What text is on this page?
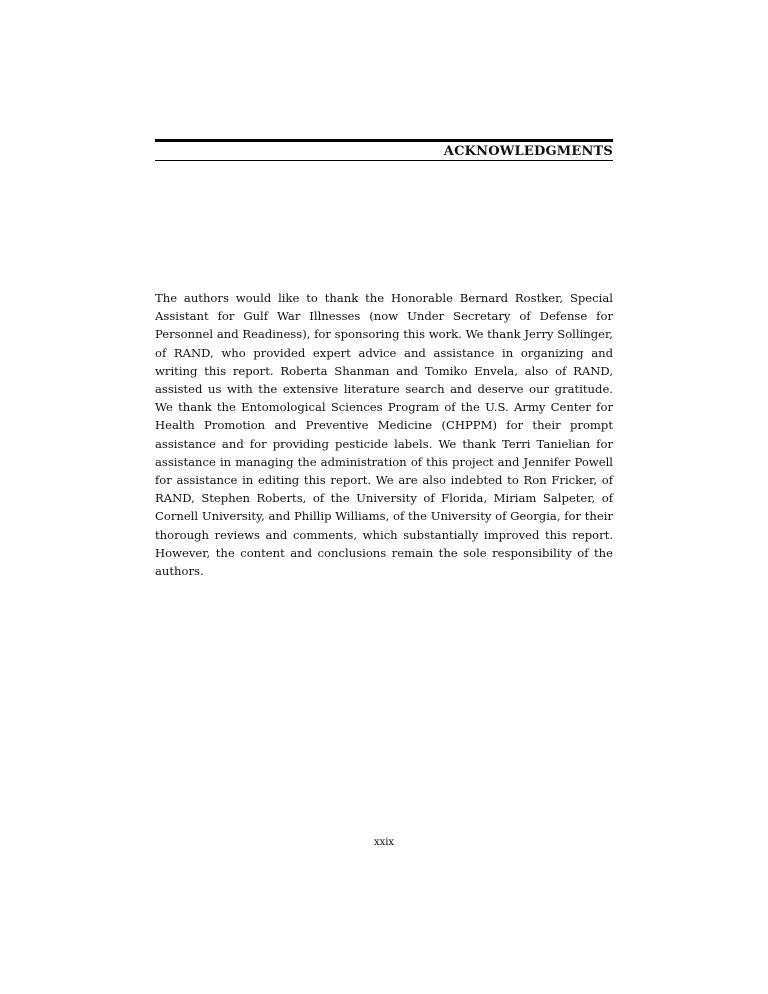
ACKNOWLEDGMENTS

The authors would like to thank the Honorable Bernard Rostker, Special Assistant for Gulf War Illnesses (now Under Secretary of Defense for Personnel and Readiness), for sponsoring this work. We thank Jerry Sollinger, of RAND, who provided expert advice and assistance in organizing and writing this report. Roberta Shanman and Tomiko Envela, also of RAND, assisted us with the extensive literature search and deserve our gratitude. We thank the Entomological Sciences Program of the U.S. Army Center for Health Promotion and Preventive Medicine (CHPPM) for their prompt assistance and for providing pesticide labels. We thank Terri Tanielian for assistance in managing the administration of this project and Jennifer Powell for assistance in editing this report. We are also indebted to Ron Fricker, of RAND, Stephen Roberts, of the University of Florida, Miriam Salpeter, of Cornell University, and Phillip Williams, of the University of Georgia, for their thorough reviews and comments, which substantially improved this report. However, the content and conclusions remain the sole responsibility of the authors.

xxix
